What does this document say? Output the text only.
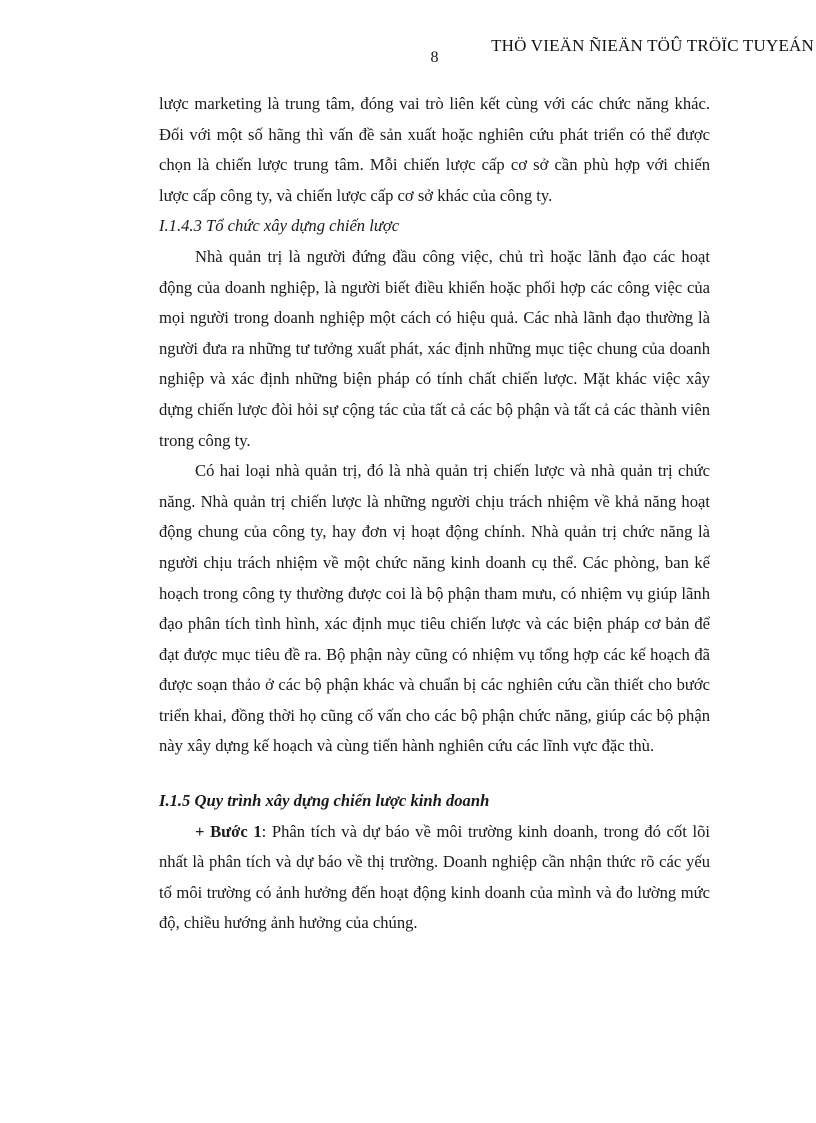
THÖ VIEÄN ÑIEÄN TÖÛ TRÖÏC TUYEÁN
8

lược marketing là trung tâm, đóng vai trò liên kết cùng với các chức năng khác. Đối với một số hãng thì vấn đề sản xuất hoặc nghiên cứu phát triển có thể được chọn là chiến lược trung tâm. Mỗi chiến lược cấp cơ sở cần phù hợp với chiến lược cấp công ty, và chiến lược cấp cơ sở khác của công ty.

I.1.4.3 Tổ chức xây dựng chiến lược

Nhà quản trị là người đứng đầu công việc, chủ trì hoặc lãnh đạo các hoạt động của doanh nghiệp, là người biết điều khiển hoặc phối hợp các công việc của mọi người trong doanh nghiệp một cách có hiệu quả. Các nhà lãnh đạo thường là người đưa ra những tư tưởng xuất phát, xác định những mục tiệc chung của doanh nghiệp và xác định những biện pháp có tính chất chiến lược. Mặt khác việc xây dựng chiến lược đòi hỏi sự cộng tác của tất cả các bộ phận và tất cả các thành viên trong công ty.

Có hai loại nhà quản trị, đó là nhà quản trị chiến lược và nhà quản trị chức năng. Nhà quản trị chiến lược là những người chịu trách nhiệm về khả năng hoạt động chung của công ty, hay đơn vị hoạt động chính. Nhà quản trị chức năng là người chịu trách nhiệm về một chức năng kinh doanh cụ thể. Các phòng, ban kế hoạch trong công ty thường được coi là bộ phận tham mưu, có nhiệm vụ giúp lãnh đạo phân tích tình hình, xác định mục tiêu chiến lược và các biện pháp cơ bản để đạt được mục tiêu đề ra. Bộ phận này cũng có nhiệm vụ tổng hợp các kế hoạch đã được soạn thảo ở các bộ phận khác và chuẩn bị các nghiên cứu cần thiết cho bước triển khai, đồng thời họ cũng cố vấn cho các bộ phận chức năng, giúp các bộ phận này xây dựng kế hoạch và cùng tiến hành nghiên cứu các lĩnh vực đặc thù.

I.1.5 Quy trình xây dựng chiến lược kinh doanh

+ Bước 1: Phân tích và dự báo về môi trường kinh doanh, trong đó cốt lõi nhất là phân tích và dự báo về thị trường. Doanh nghiệp cần nhận thức rõ các yếu tố môi trường có ảnh hưởng đến hoạt động kinh doanh của mình và đo lường mức độ, chiều hướng ảnh hưởng của chúng.
